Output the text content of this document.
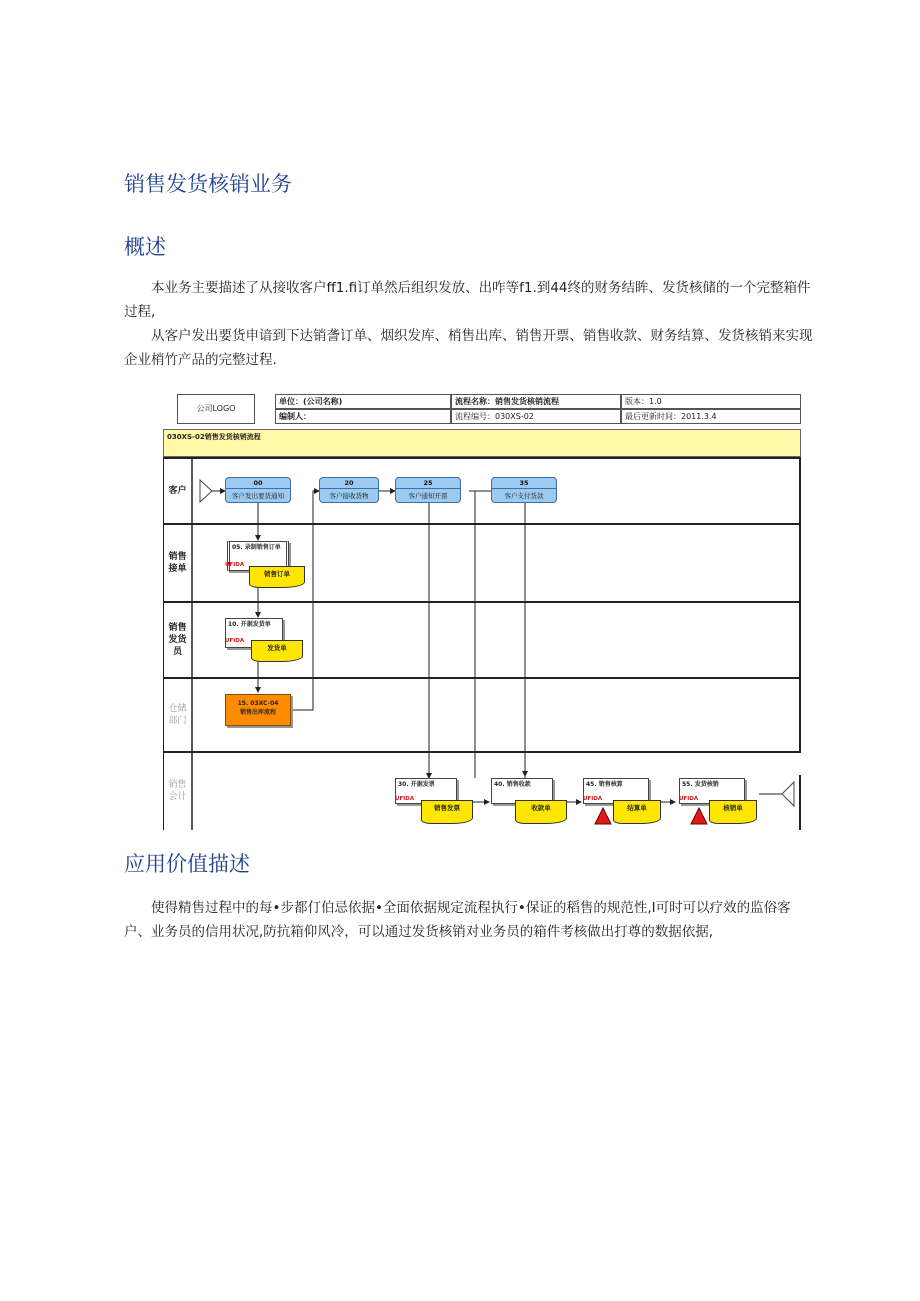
销售发货核销业务
概述
本业务主要描述了从接收客户ff1.fi订单然后组织发放、出咋等f1.到44终的财务结眸、发货核储的一个完整箱件过程,
从客户发出要货申谙到下达销詟订单、烟织发库、梢售出库、销售开票、销售收款、财务结算、发货核销来实现企业梢竹产品的完整过程.
公司LOGO
单位：(公司名称)	流程名称：销售发货核销流程	版本：1.0
编制人：	流程编号：030XS-02	最后更新时间：2011.3.4
030XS-02销售发货核销流程
客户
销售
接单
销售
发货
员
仓储
部门
销售
会计
00
客户发出要货通知
20
客户接收货物
25
客户通知开票
35
客户支付货款
05. 录制销售订单
UFIDA
销售订单
10. 开据发货单
UFIDA
发货单
15. 03XC-04
销售出库流程
30. 开据发票
UFIDA
销售发票
40. 销售收款
收款单
45. 销售核算
UFIDA
结算单
55. 发货核销
UFIDA
核销单
应用价值描述
使得精售过程中的每•步都仃伯忌依据•全面依据规定流程执行•保证的稻售的规范性,I可时可以疗效的监俗客户、业务员的信用状况,防抗箱仰风冷，可以通过发货核销对业务员的箱件考核做出打尊的数据依据,
